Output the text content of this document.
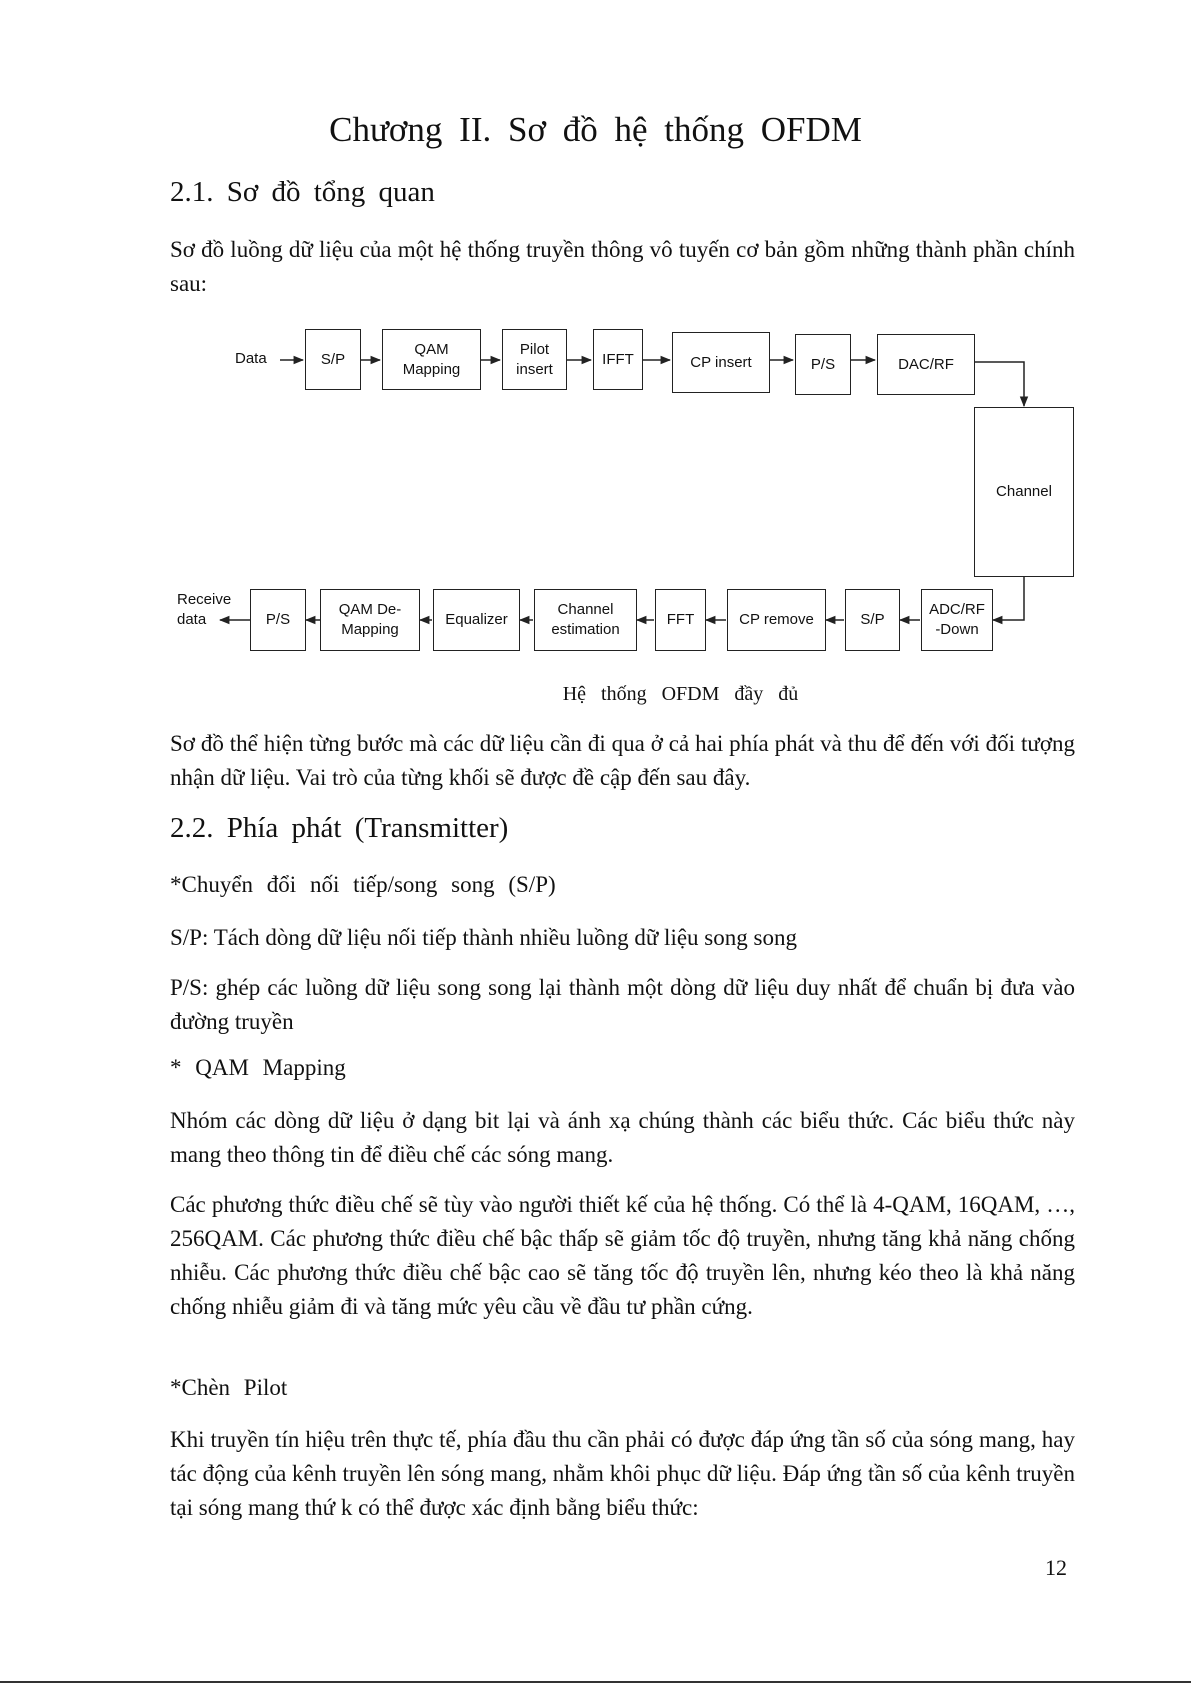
Chương II. Sơ đồ hệ thống OFDM
2.1. Sơ đồ tổng quan

Sơ đồ luồng dữ liệu của một hệ thống truyền thông vô tuyến cơ bản gồm những thành phần chính sau:

Data	S/P
QAM
Mapping
Pilot
insert
IFFT	CP insert	P/S	DAC/RF
Channel
ADC/RF
-Down
S/P
CP remove
FFT
Channel
estimation
Equalizer
QAM De-
Mapping
P/S
Receive
data

Hệ thống OFDM đầy đủ

Sơ đồ thể hiện từng bước mà các dữ liệu cần đi qua ở cả hai phía phát và thu để đến với đối tượng nhận dữ liệu. Vai trò của từng khối sẽ được đề cập đến sau đây.

2.2. Phía phát (Transmitter)

*Chuyển đổi nối tiếp/song song (S/P)

S/P: Tách dòng dữ liệu nối tiếp thành nhiều luồng dữ liệu song song

P/S: ghép các luồng dữ liệu song song lại thành một dòng dữ liệu duy nhất để chuẩn bị đưa vào đường truyền

* QAM Mapping

Nhóm các dòng dữ liệu ở dạng bit lại và ánh xạ chúng thành các biểu thức. Các biểu thức này mang theo thông tin để điều chế các sóng mang.

Các phương thức điều chế sẽ tùy vào người thiết kế của hệ thống. Có thể là 4-QAM, 16QAM, …, 256QAM. Các phương thức điều chế bậc thấp sẽ giảm tốc độ truyền, nhưng tăng khả năng chống nhiễu. Các phương thức điều chế bậc cao sẽ tăng tốc độ truyền lên, nhưng kéo theo là khả năng chống nhiễu giảm đi và tăng mức yêu cầu về đầu tư phần cứng.

*Chèn Pilot

Khi truyền tín hiệu trên thực tế, phía đầu thu cần phải có được đáp ứng tần số của sóng mang, hay tác động của kênh truyền lên sóng mang, nhằm khôi phục dữ liệu. Đáp ứng tần số của kênh truyền tại sóng mang thứ k có thể được xác định bằng biểu thức:

12
